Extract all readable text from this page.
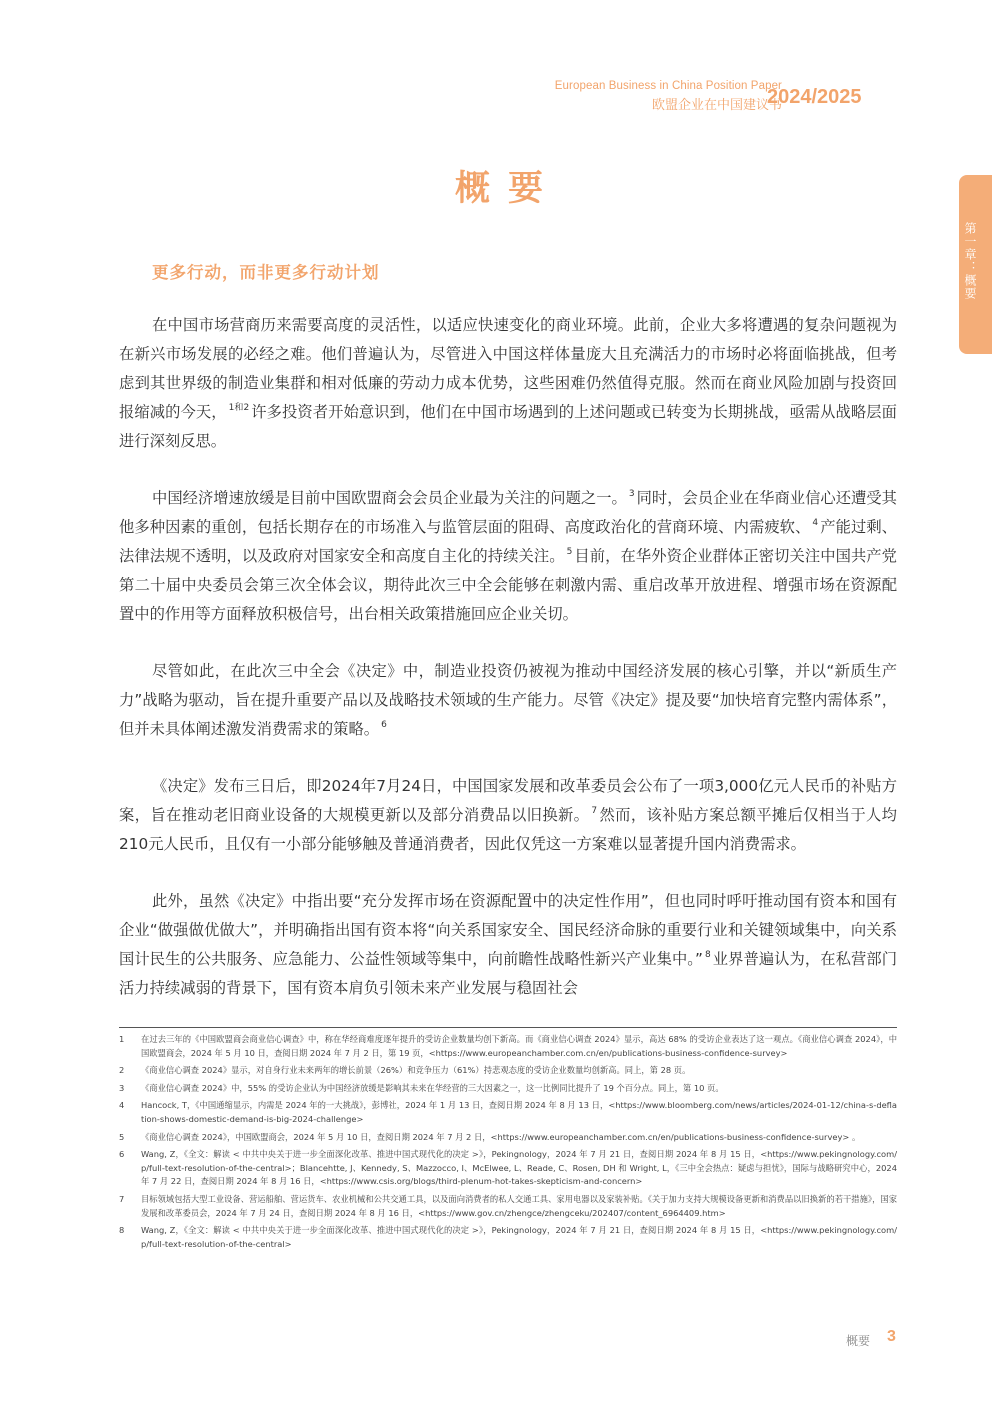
European Business in China Position Paper
欧盟企业在中国建议书
2024/2025
第一章：概要
概要
更多行动，而非更多行动计划

在中国市场营商历来需要高度的灵活性，以适应快速变化的商业环境。此前，企业大多将遭遇的复杂问题视为在新兴市场发展的必经之难。他们普遍认为，尽管进入中国这样体量庞大且充满活力的市场时必将面临挑战，但考虑到其世界级的制造业集群和相对低廉的劳动力成本优势，这些困难仍然值得克服。然而在商业风险加剧与投资回报缩减的今天， $^{1和2}$ 许多投资者开始意识到，他们在中国市场遇到的上述问题或已转变为长期挑战，亟需从战略层面进行深刻反思。

中国经济增速放缓是目前中国欧盟商会会员企业最为关注的问题之一。 $^3$ 同时，会员企业在华商业信心还遭受其他多种因素的重创，包括长期存在的市场准入与监管层面的阻碍、高度政治化的营商环境、内需疲软、 $^4$ 产能过剩、法律法规不透明，以及政府对国家安全和高度自主化的持续关注。 $^5$ 目前，在华外资企业群体正密切关注中国共产党第二十届中央委员会第三次全体会议，期待此次三中全会能够在刺激内需、重启改革开放进程、增强市场在资源配置中的作用等方面释放积极信号，出台相关政策措施回应企业关切。

尽管如此，在此次三中全会《决定》中，制造业投资仍被视为推动中国经济发展的核心引擎，并以“新质生产力”战略为驱动，旨在提升重要产品以及战略技术领域的生产能力。尽管《决定》提及要“加快培育完整内需体系”，但并未具体阐述激发消费需求的策略。 $^6$

《决定》发布三日后，即2024年7月24日，中国国家发展和改革委员会公布了一项3,000亿元人民币的补贴方案，旨在推动老旧商业设备的大规模更新以及部分消费品以旧换新。 $^7$ 然而，该补贴方案总额平摊后仅相当于人均210元人民币，且仅有一小部分能够触及普通消费者，因此仅凭这一方案难以显著提升国内消费需求。

此外，虽然《决定》中指出要“充分发挥市场在资源配置中的决定性作用”，但也同时呼吁推动国有资本和国有企业“做强做优做大”，并明确指出国有资本将“向关系国家安全、国民经济命脉的重要行业和关键领域集中，向关系国计民生的公共服务、应急能力、公益性领域等集中，向前瞻性战略性新兴产业集中。” $^8$ 业界普遍认为，在私营部门活力持续减弱的背景下，国有资本肩负引领未来产业发展与稳固社会

1	在过去三年的《中国欧盟商会商业信心调查》中，称在华经商难度逐年提升的受访企业数量均创下新高。而《商业信心调查 2024》显示，高达 68% 的受访企业表达了这一观点。《商业信心调查 2024》，中国欧盟商会，2024 年 5 月 10 日，查阅日期 2024 年 7 月 2 日，第 19 页，<https://www.europeanchamber.com.cn/en/publications-business-confidence-survey>
2	《商业信心调查 2024》显示，对自身行业未来两年的增长前景（26%）和竞争压力（61%）持悲观态度的受访企业数量均创新高。同上，第 28 页。
3	《商业信心调查 2024》中，55% 的受访企业认为中国经济放缓是影响其未来在华经营的三大因素之一，这一比例同比提升了 19 个百分点。同上，第 10 页。
4	Hancock, T，《中国通缩显示，内需是 2024 年的一大挑战》，彭博社，2024 年 1 月 13 日，查阅日期 2024 年 8 月 13 日，<https://www.bloomberg.com/news/articles/2024-01-12/china-s-deflation-shows-domestic-demand-is-big-2024-challenge>
5	《商业信心调查 2024》，中国欧盟商会，2024 年 5 月 10 日，查阅日期 2024 年 7 月 2 日，<https://www.europeanchamber.com.cn/en/publications-business-confidence-survey> 。
6	Wang, Z，《全文：解读 < 中共中央关于进一步全面深化改革、推进中国式现代化的决定 >》，Pekingnology，2024 年 7 月 21 日，查阅日期 2024 年 8 月 15 日，<https://www.pekingnology.com/p/full-text-resolution-of-the-central>；Blancehtte, J、Kennedy, S、Mazzocco, I、McElwee, L、Reade, C、Rosen, DH 和 Wright, L，《三中全会热点：疑虑与担忧》，国际与战略研究中心，2024 年 7 月 22 日，查阅日期 2024 年 8 月 16 日，<https://www.csis.org/blogs/third-plenum-hot-takes-skepticism-and-concern>
7	目标领域包括大型工业设备、营运船舶、营运货车、农业机械和公共交通工具，以及面向消费者的私人交通工具、家用电器以及家装补贴。《关于加力支持大规模设备更新和消费品以旧换新的若干措施》，国家发展和改革委员会，2024 年 7 月 24 日，查阅日期 2024 年 8 月 16 日，<https://www.gov.cn/zhengce/zhengceku/202407/content_6964409.htm>
8	Wang, Z，《全文：解读 < 中共中央关于进一步全面深化改革、推进中国式现代化的决定 >》，Pekingnology，2024 年 7 月 21 日，查阅日期 2024 年 8 月 15 日，<https://www.pekingnology.com/p/full-text-resolution-of-the-central>
概要 3
